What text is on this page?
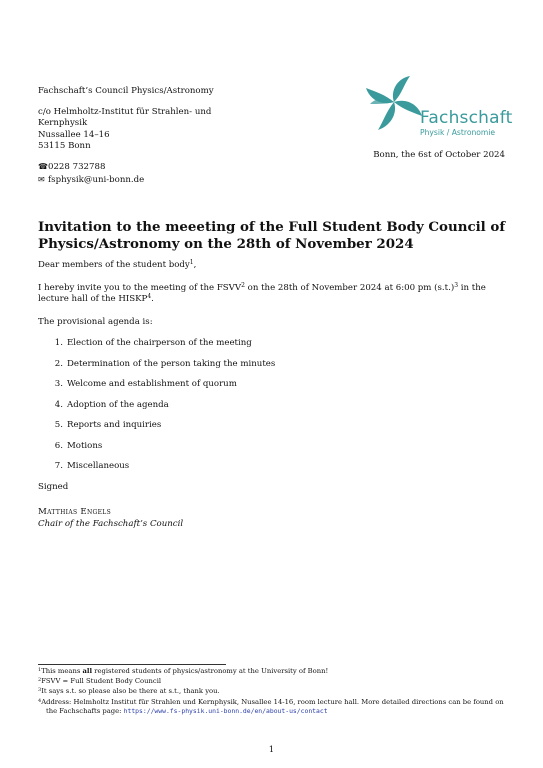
Fachschaft’s Council Physics/Astronomy
c/o Helmholtz-Institut für Strahlen- und
Kernphysik
Nussallee 14–16
53115 Bonn
☎0228 732788
✉ fsphysik@uni-bonn.de
Fachschaft
Physik / Astronomie
Bonn, the 6st of October 2024
Invitation to the meeeting of the Full Student Body Council of Physics/Astronomy on the 28th of November 2024

Dear members of the student body$^1$,

I hereby invite you to the meeting of the FSVV$^2$ on the 28th of November 2024 at 6:00 pm $(s.t.)^3$ in the lecture hall of the HISKP$^4$.

The provisional agenda is:

1. Election of the chairperson of the meeting
2. Determination of the person taking the minutes
3. Welcome and establishment of quorum
4. Adoption of the agenda
5. Reports and inquiries
6. Motions
7. Miscellaneous

Signed

Matthias Engels
Chair of the Fachschaft’s Council
$^1$This means all registered students of physics/astronomy at the University of Bonn!
$^2$FSVV = Full Student Body Council
$^3$It says s.t. so please also be there at s.t., thank you.
$^4$Address: Helmholtz Institut für Strahlen und Kernphysik, Nusallee 14-16, room lecture hall. More detailed directions can be found on the Fachschafts page: https://www.fs-physik.uni-bonn.de/en/about-us/contact
1
